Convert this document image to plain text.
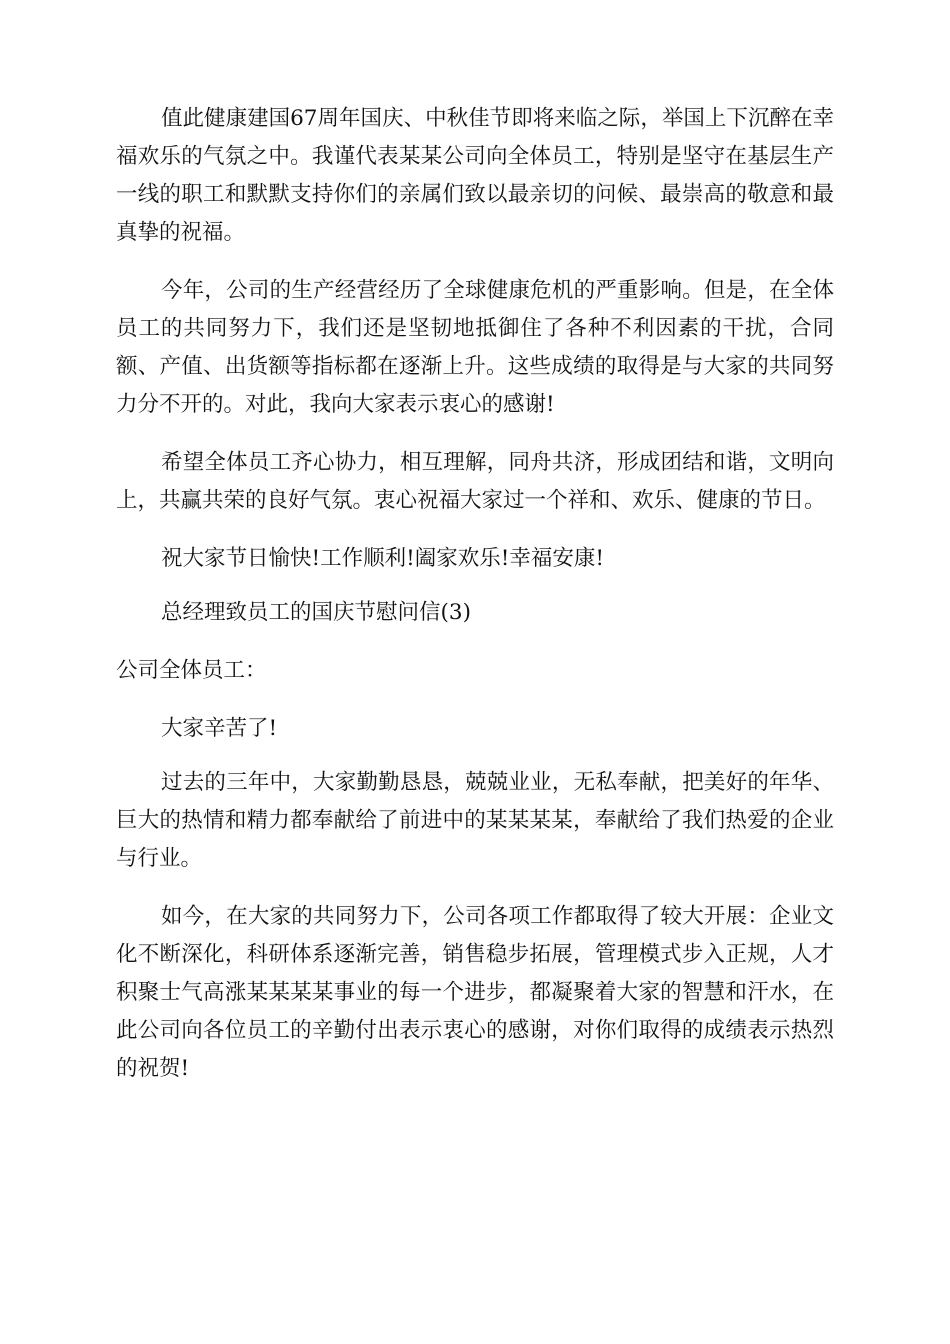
值此健康建国67周年国庆、中秋佳节即将来临之际，举国上下沉醉在幸福欢乐的气氛之中。我谨代表某某公司向全体员工，特别是坚守在基层生产一线的职工和默默支持你们的亲属们致以最亲切的问候、最崇高的敬意和最真挚的祝福。

今年，公司的生产经营经历了全球健康危机的严重影响。但是，在全体员工的共同努力下，我们还是坚韧地抵御住了各种不利因素的干扰，合同额、产值、出货额等指标都在逐渐上升。这些成绩的取得是与大家的共同努力分不开的。对此，我向大家表示衷心的感谢!

希望全体员工齐心协力，相互理解，同舟共济，形成团结和谐，文明向上，共赢共荣的良好气氛。衷心祝福大家过一个祥和、欢乐、健康的节日。

祝大家节日愉快!工作顺利!阖家欢乐!幸福安康!

总经理致员工的国庆节慰问信(3)

公司全体员工：

大家辛苦了!

过去的三年中，大家勤勤恳恳，兢兢业业，无私奉献，把美好的年华、巨大的热情和精力都奉献给了前进中的某某某某，奉献给了我们热爱的企业与行业。

如今，在大家的共同努力下，公司各项工作都取得了较大开展：企业文化不断深化，科研体系逐渐完善，销售稳步拓展，管理模式步入正规，人才积聚士气高涨某某某某事业的每一个进步，都凝聚着大家的智慧和汗水，在此公司向各位员工的辛勤付出表示衷心的感谢，对你们取得的成绩表示热烈的祝贺!
